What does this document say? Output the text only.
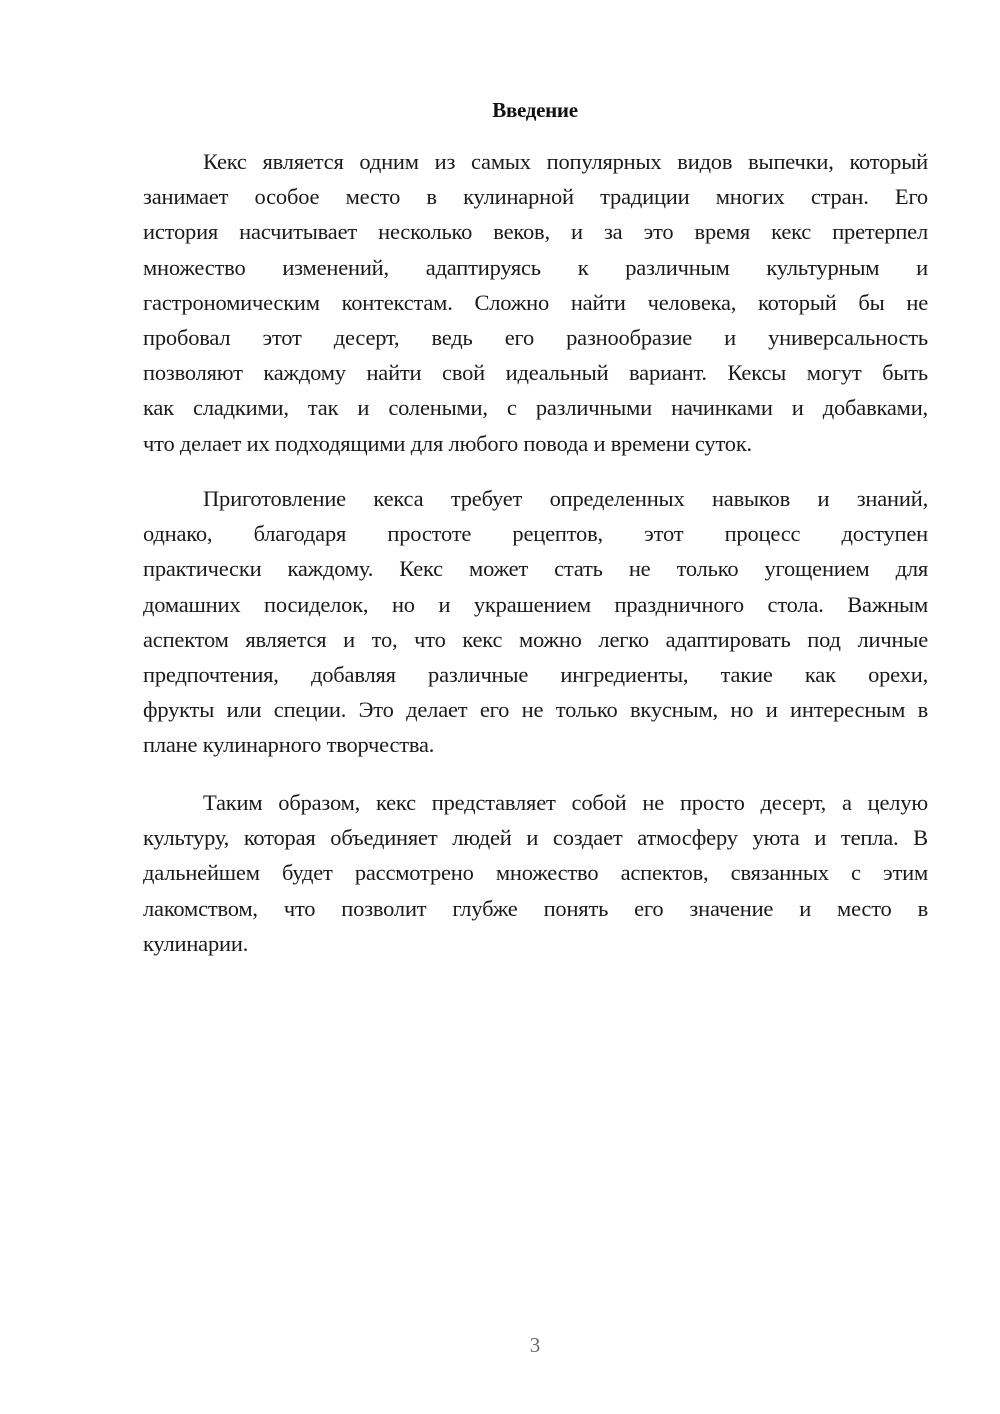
Введение
Кекс является одним из самых популярных видов выпечки, который
занимает особое место в кулинарной традиции многих стран. Его
история насчитывает несколько веков, и за это время кекс претерпел
множество изменений, адаптируясь к различным культурным и
гастрономическим контекстам. Сложно найти человека, который бы не
пробовал этот десерт, ведь его разнообразие и универсальность
позволяют каждому найти свой идеальный вариант. Кексы могут быть
как сладкими, так и солеными, с различными начинками и добавками,
что делает их подходящими для любого повода и времени суток.
Приготовление кекса требует определенных навыков и знаний,
однако, благодаря простоте рецептов, этот процесс доступен
практически каждому. Кекс может стать не только угощением для
домашних посиделок, но и украшением праздничного стола. Важным
аспектом является и то, что кекс можно легко адаптировать под личные
предпочтения, добавляя различные ингредиенты, такие как орехи,
фрукты или специи. Это делает его не только вкусным, но и интересным в
плане кулинарного творчества.
Таким образом, кекс представляет собой не просто десерт, а целую
культуру, которая объединяет людей и создает атмосферу уюта и тепла. В
дальнейшем будет рассмотрено множество аспектов, связанных с этим
лакомством, что позволит глубже понять его значение и место в
кулинарии.
3
